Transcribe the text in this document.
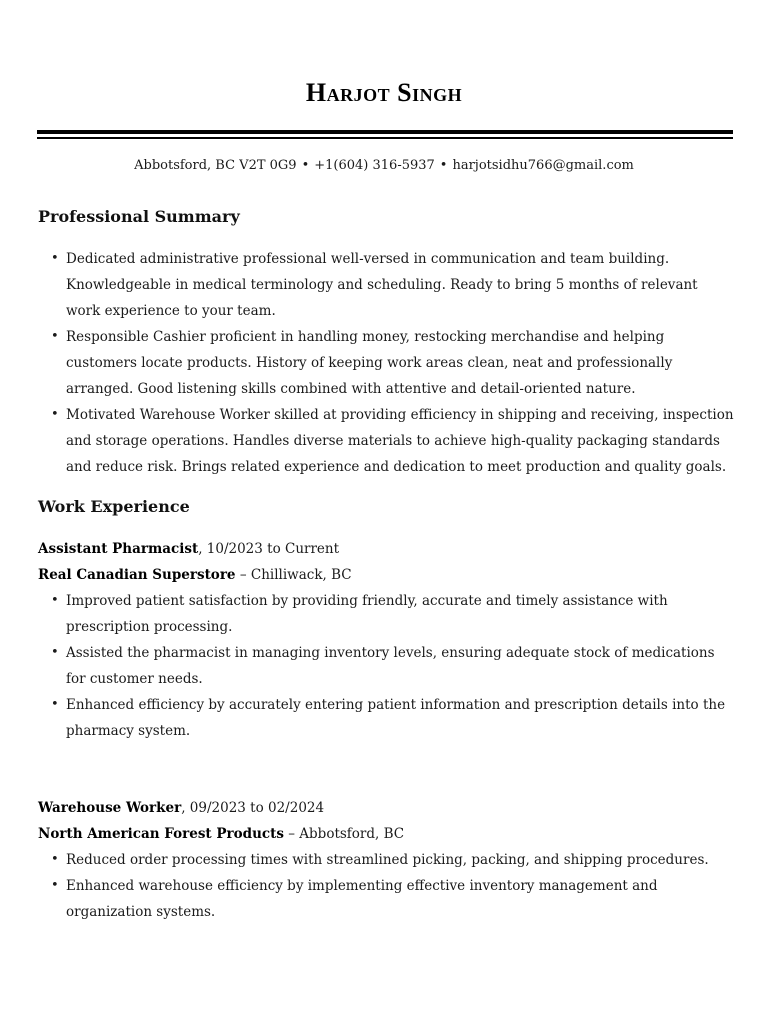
Harjot Singh
Abbotsford, BC V2T 0G9 • +1(604) 316-5937 • harjotsidhu766@gmail.com
Professional Summary
• Dedicated administrative professional well-versed in communication and team building. Knowledgeable in medical terminology and scheduling. Ready to bring 5 months of relevant work experience to your team.
• Responsible Cashier proficient in handling money, restocking merchandise and helping customers locate products. History of keeping work areas clean, neat and professionally arranged. Good listening skills combined with attentive and detail-oriented nature.
• Motivated Warehouse Worker skilled at providing efficiency in shipping and receiving, inspection and storage operations. Handles diverse materials to achieve high-quality packaging standards and reduce risk. Brings related experience and dedication to meet production and quality goals.
Work Experience
Assistant Pharmacist, 10/2023 to Current
Real Canadian Superstore – Chilliwack, BC
• Improved patient satisfaction by providing friendly, accurate and timely assistance with prescription processing.
• Assisted the pharmacist in managing inventory levels, ensuring adequate stock of medications for customer needs.
• Enhanced efficiency by accurately entering patient information and prescription details into the pharmacy system.
Warehouse Worker, 09/2023 to 02/2024
North American Forest Products – Abbotsford, BC
• Reduced order processing times with streamlined picking, packing, and shipping procedures.
• Enhanced warehouse efficiency by implementing effective inventory management and organization systems.
